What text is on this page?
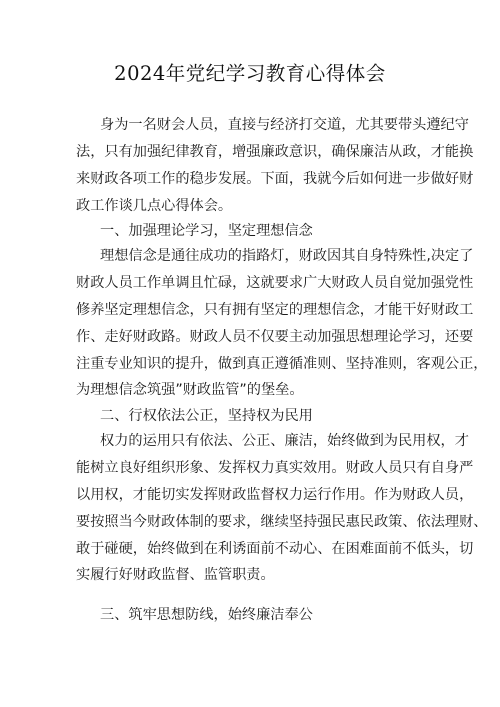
2024年党纪学习教育心得体会
身为一名财会人员，直接与经济打交道，尤其要带头遵纪守
法，只有加强纪律教育，增强廉政意识，确保廉洁从政，才能换
来财政各项工作的稳步发展。下面，我就今后如何进一步做好财
政工作谈几点心得体会。
一、加强理论学习，坚定理想信念
理想信念是通往成功的指路灯，财政因其自身特殊性,决定了
财政人员工作单调且忙碌，这就要求广大财政人员自觉加强党性
修养坚定理想信念，只有拥有坚定的理想信念，才能干好财政工
作、走好财政路。财政人员不仅要主动加强思想理论学习，还要
注重专业知识的提升，做到真正遵循准则、坚持准则，客观公正，
为理想信念筑强”财政监管”的堡垒。
二、行权依法公正，坚持权为民用
权力的运用只有依法、公正、廉洁，始终做到为民用权，才
能树立良好组织形象、发挥权力真实效用。财政人员只有自身严
以用权，才能切实发挥财政监督权力运行作用。作为财政人员，
要按照当今财政体制的要求，继续坚持强民惠民政策、依法理财、
敢于碰硬，始终做到在利诱面前不动心、在困难面前不低头，切
实履行好财政监督、监管职责。
三、筑牢思想防线，始终廉洁奉公
